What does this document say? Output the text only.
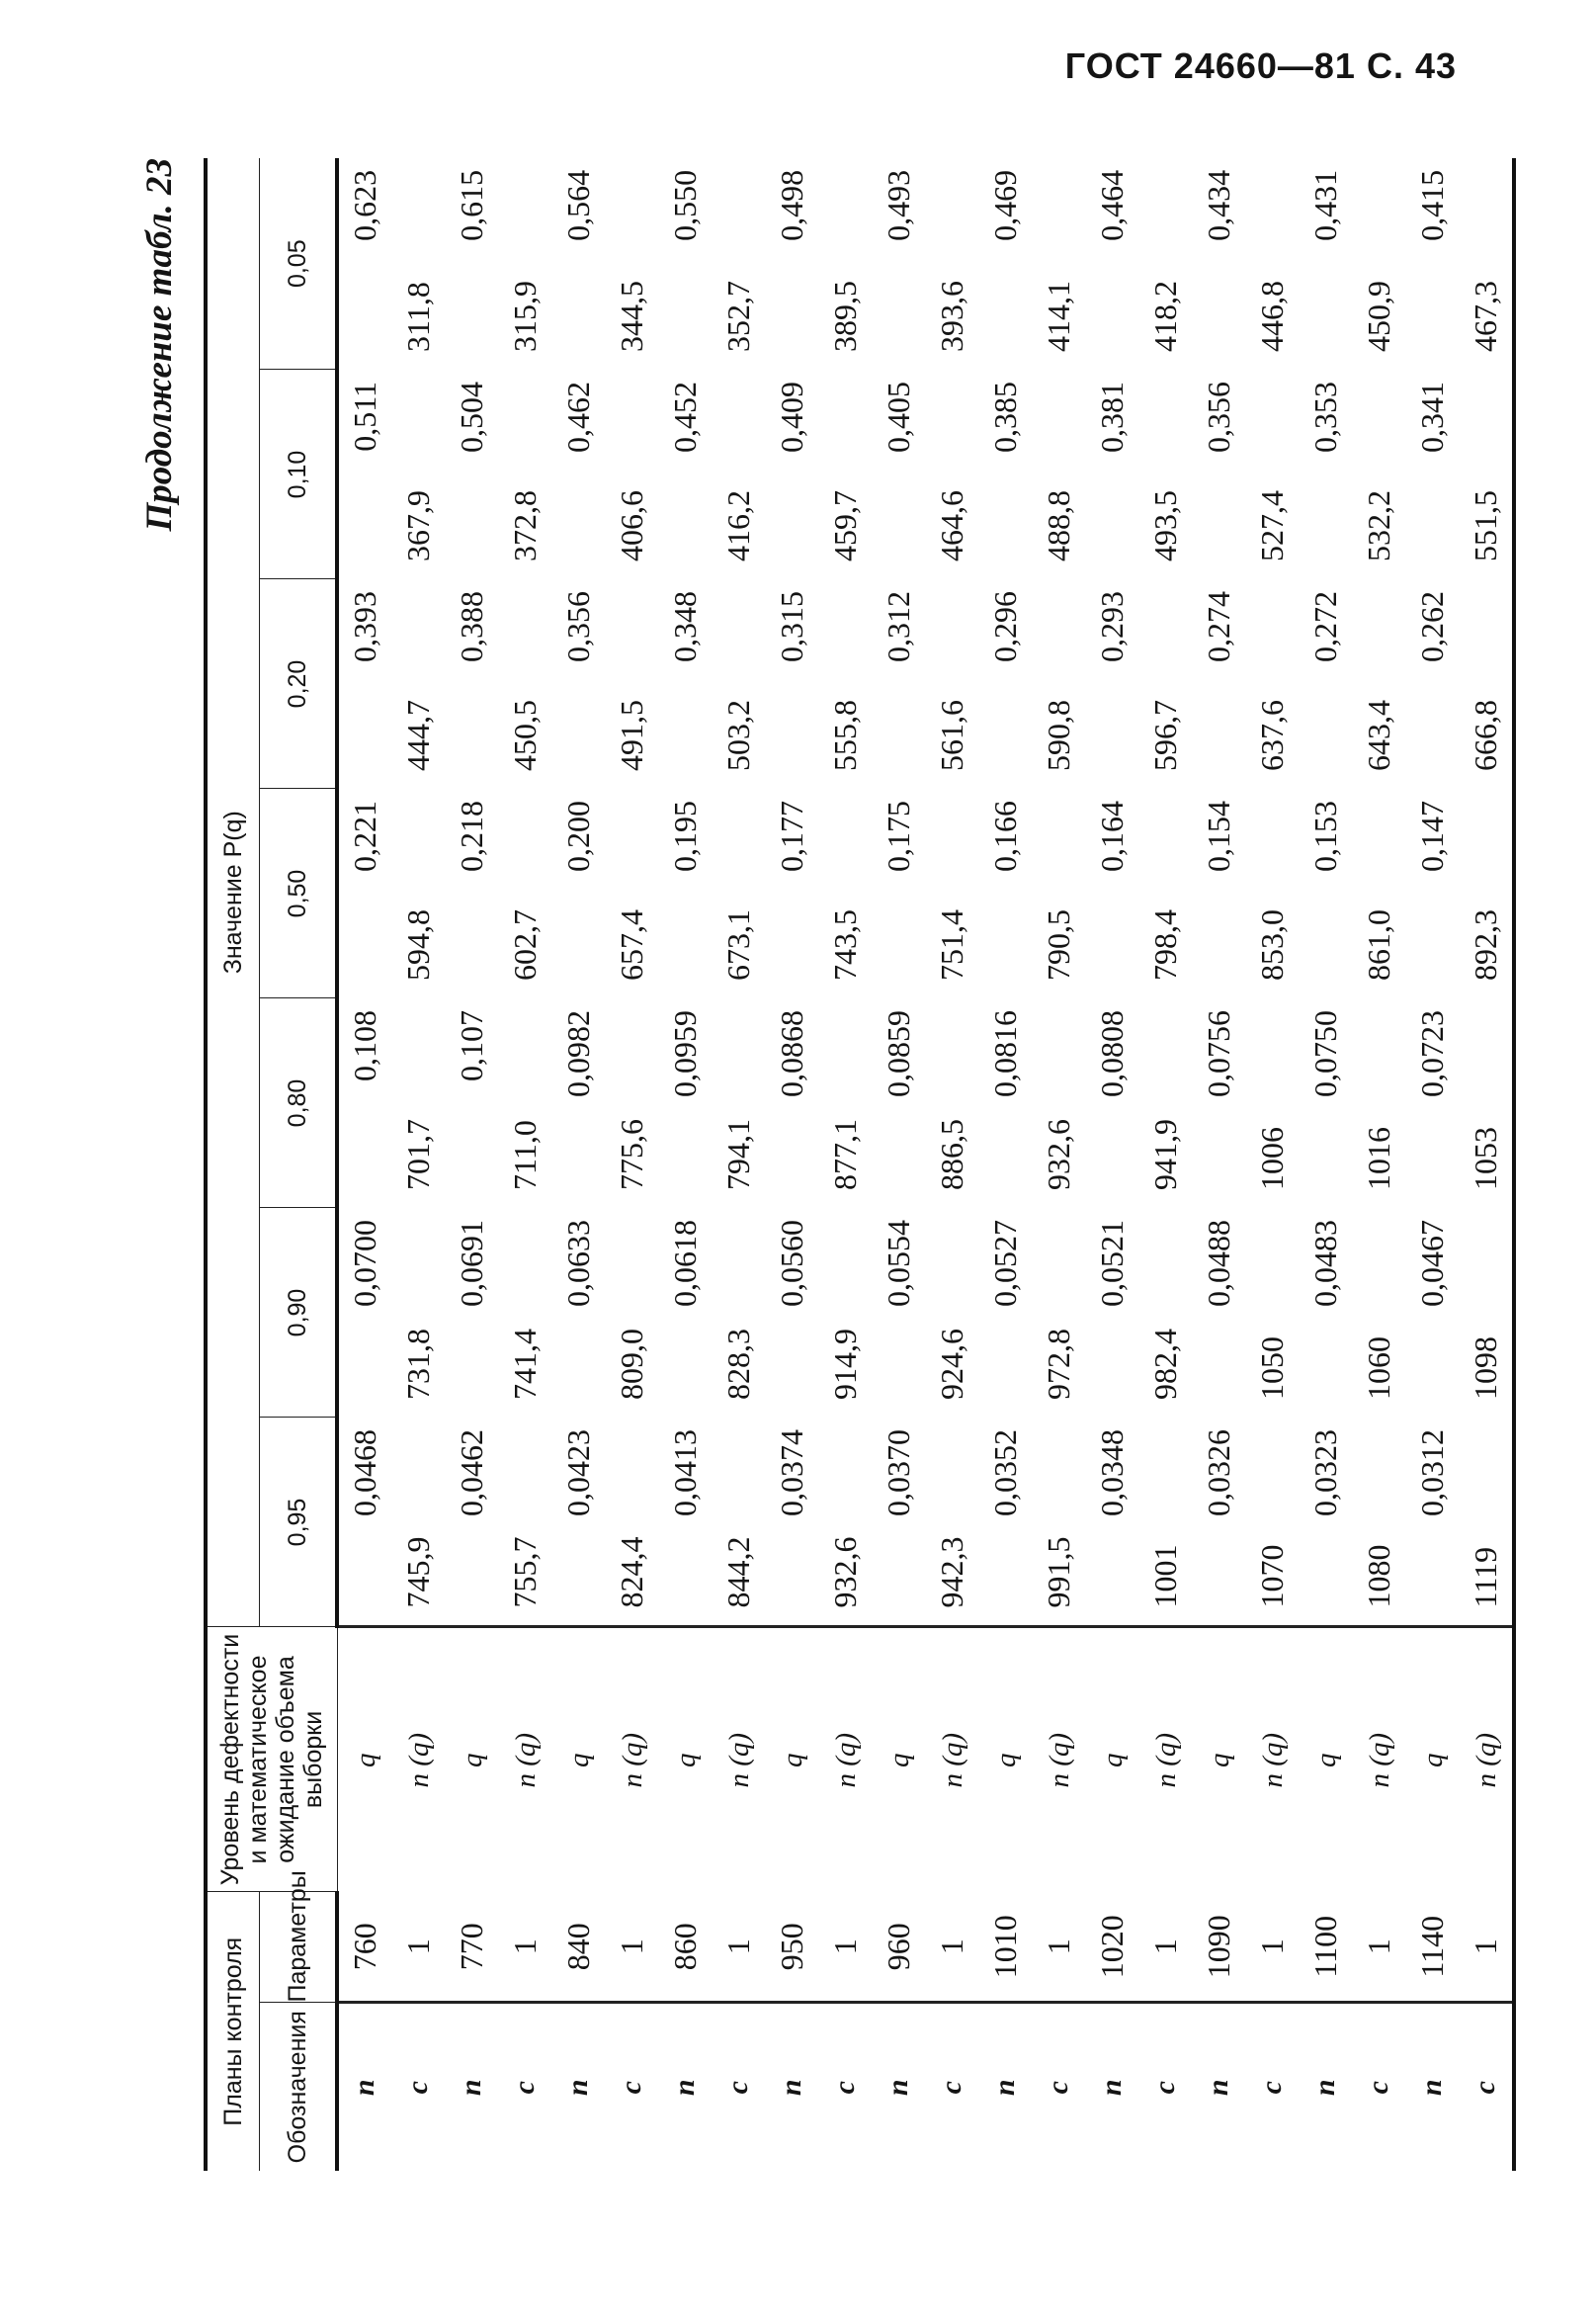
ГОСТ 24660—81 С. 43
Продолжение табл. 23
Планы контроля		Уровень дефектности и математическое ожидание объема выборки	Значение P(q)						
Обозначения	Параметры		0,95	0,90	0,80	0,50	0,20	0,10	0,05
n	760	q	0,0468	0,0700	0,108	0,221	0,393	0,511	0,623
c	1	n (q)	745,9	731,8	701,7	594,8	444,7	367,9	311,8
n	770	q	0,0462	0,0691	0,107	0,218	0,388	0,504	0,615
c	1	n (q)	755,7	741,4	711,0	602,7	450,5	372,8	315,9
n	840	q	0,0423	0,0633	0,0982	0,200	0,356	0,462	0,564
c	1	n (q)	824,4	809,0	775,6	657,4	491,5	406,6	344,5
n	860	q	0,0413	0,0618	0,0959	0,195	0,348	0,452	0,550
c	1	n (q)	844,2	828,3	794,1	673,1	503,2	416,2	352,7
n	950	q	0,0374	0,0560	0,0868	0,177	0,315	0,409	0,498
c	1	n (q)	932,6	914,9	877,1	743,5	555,8	459,7	389,5
n	960	q	0,0370	0,0554	0,0859	0,175	0,312	0,405	0,493
c	1	n (q)	942,3	924,6	886,5	751,4	561,6	464,6	393,6
n	1010	q	0,0352	0,0527	0,0816	0,166	0,296	0,385	0,469
c	1	n (q)	991,5	972,8	932,6	790,5	590,8	488,8	414,1
n	1020	q	0,0348	0,0521	0,0808	0,164	0,293	0,381	0,464
c	1	n (q)	1001	982,4	941,9	798,4	596,7	493,5	418,2
n	1090	q	0,0326	0,0488	0,0756	0,154	0,274	0,356	0,434
c	1	n (q)	1070	1050	1006	853,0	637,6	527,4	446,8
n	1100	q	0,0323	0,0483	0,0750	0,153	0,272	0,353	0,431
c	1	n (q)	1080	1060	1016	861,0	643,4	532,2	450,9
n	1140	q	0,0312	0,0467	0,0723	0,147	0,262	0,341	0,415
c	1	n (q)	1119	1098	1053	892,3	666,8	551,5	467,3
